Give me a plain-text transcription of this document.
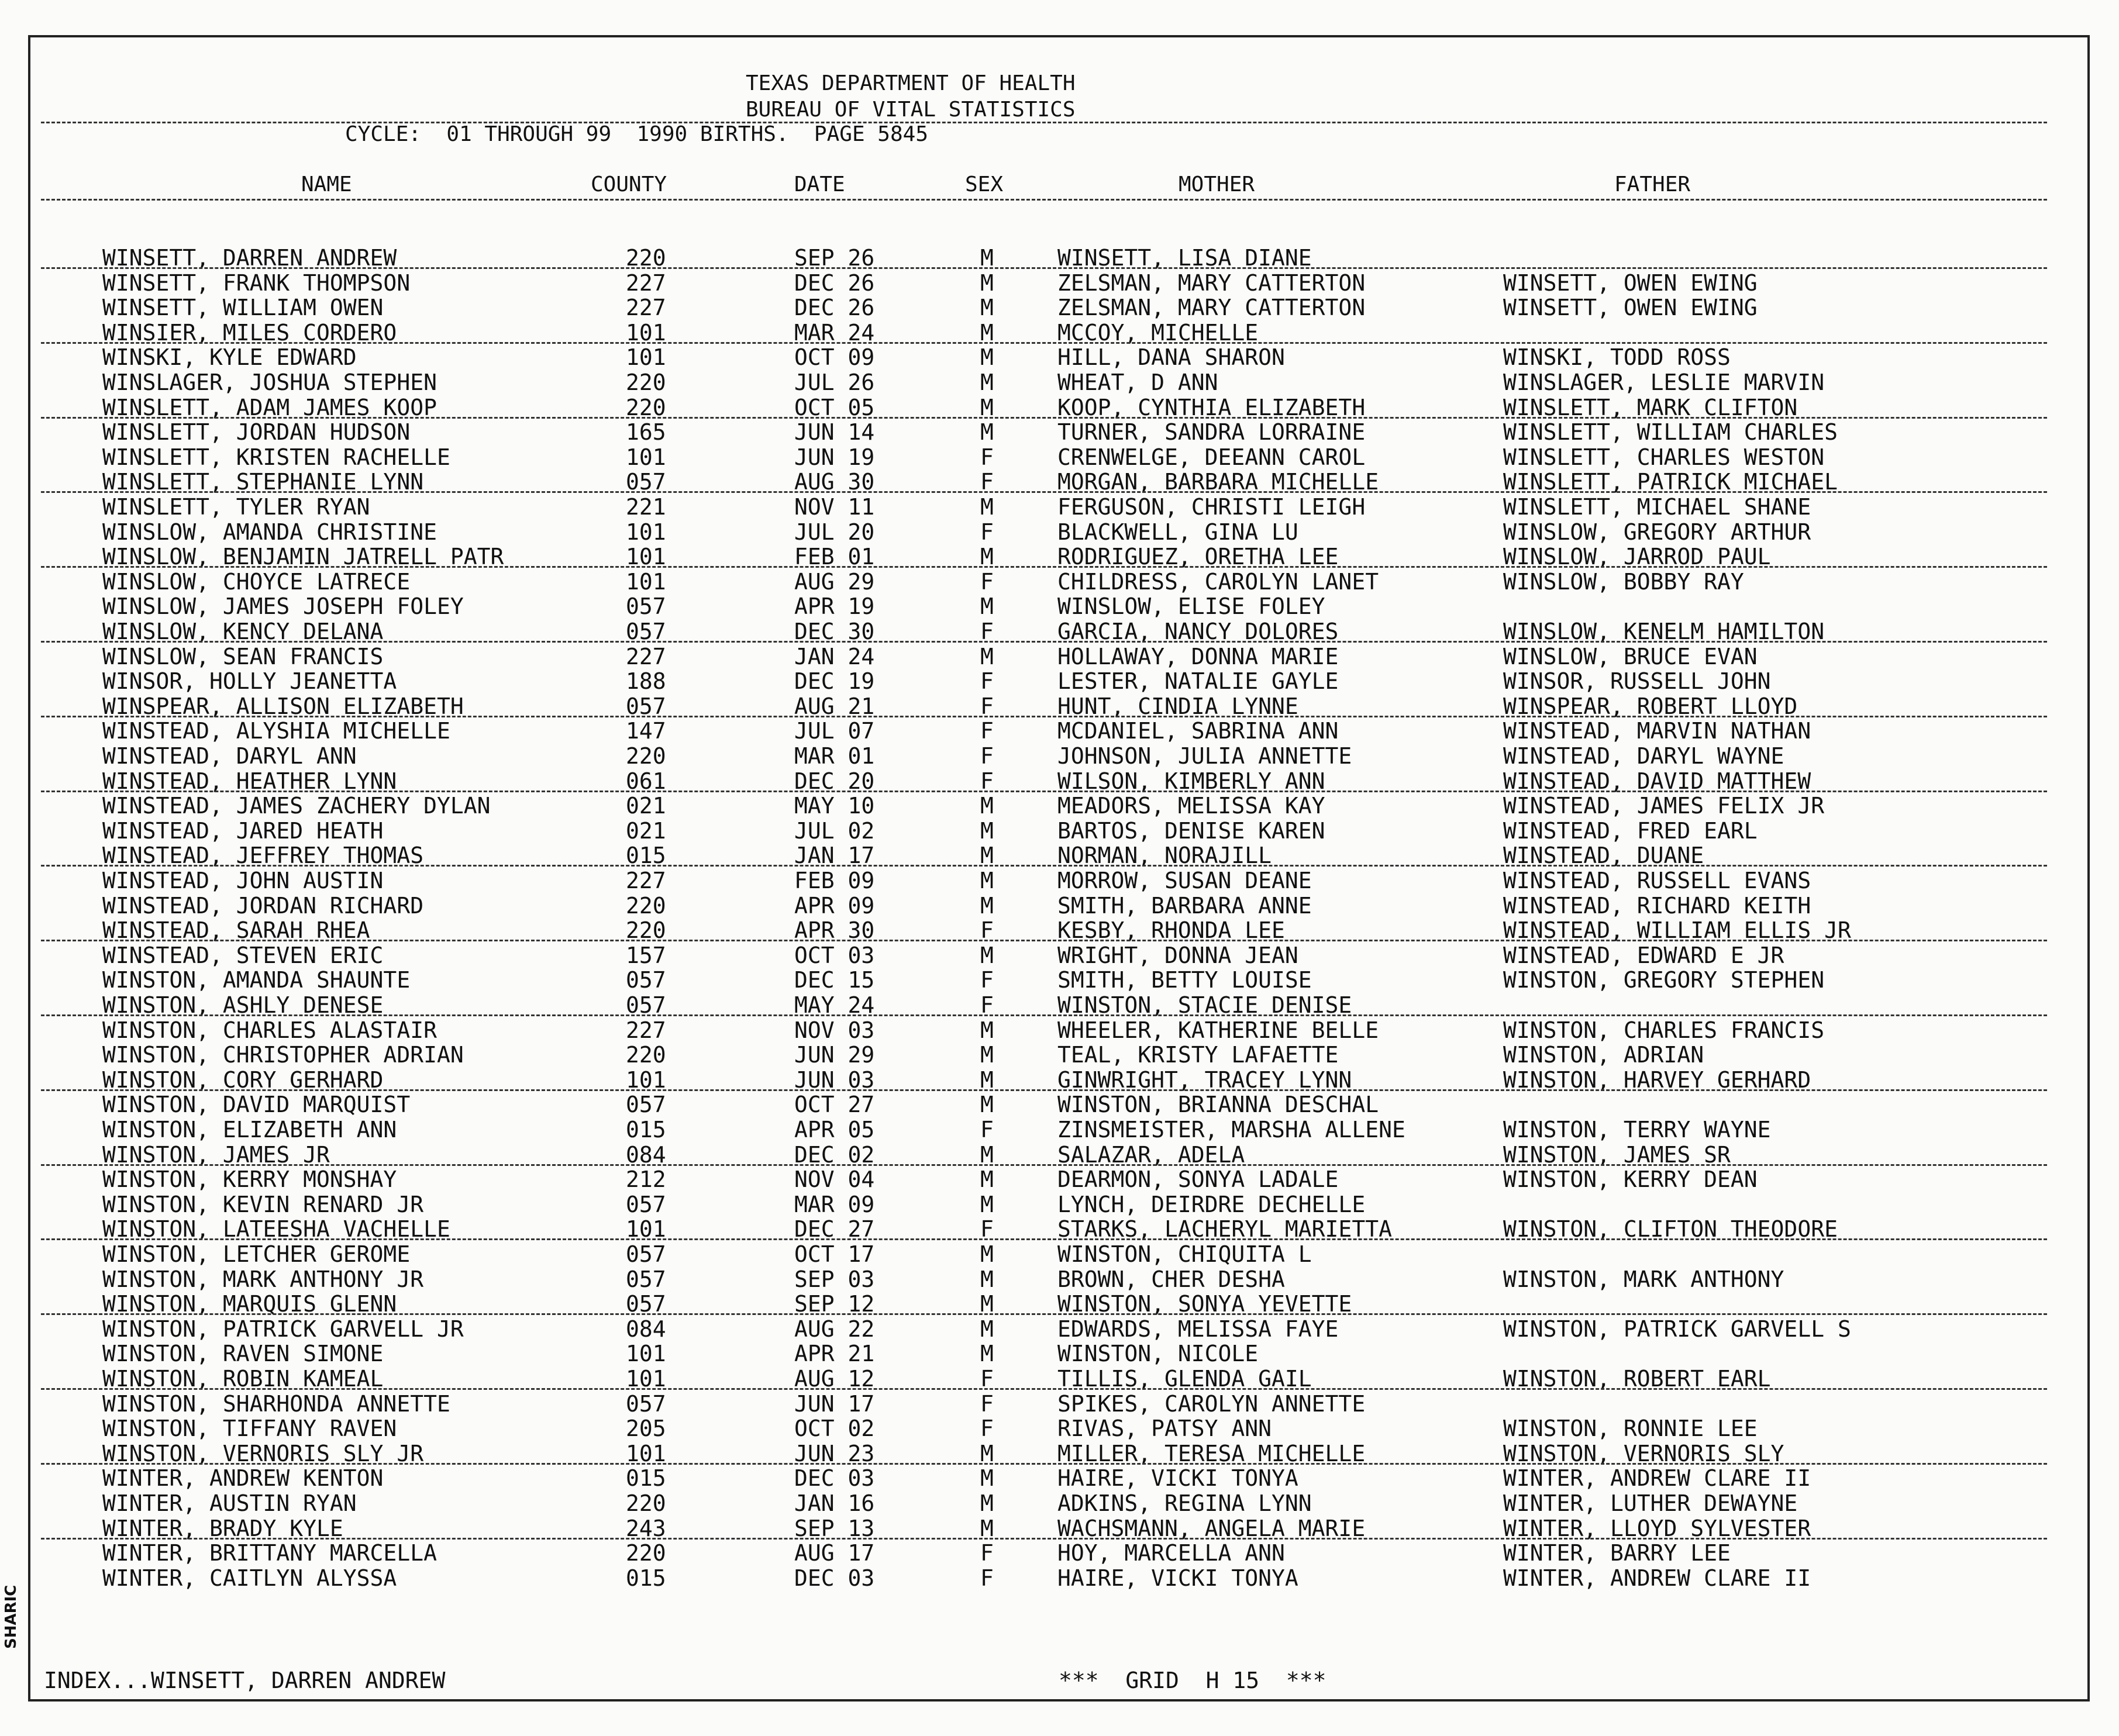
SHARIC
TEXAS DEPARTMENT OF HEALTH
BUREAU OF VITAL STATISTICS
CYCLE:  01 THROUGH 99  1990 BIRTHS.  PAGE 5845
NAME	COUNTY	DATE	SEX	MOTHER	FATHER
WINSETT, DARREN ANDREW	220	SEP 26	M	WINSETT, LISA DIANE
WINSETT, FRANK THOMPSON	227	DEC 26	M	ZELSMAN, MARY CATTERTON	WINSETT, OWEN EWING
WINSETT, WILLIAM OWEN	227	DEC 26	M	ZELSMAN, MARY CATTERTON	WINSETT, OWEN EWING
WINSIER, MILES CORDERO	101	MAR 24	M	MCCOY, MICHELLE
WINSKI, KYLE EDWARD	101	OCT 09	M	HILL, DANA SHARON	WINSKI, TODD ROSS
WINSLAGER, JOSHUA STEPHEN	220	JUL 26	M	WHEAT, D ANN	WINSLAGER, LESLIE MARVIN
WINSLETT, ADAM JAMES KOOP	220	OCT 05	M	KOOP, CYNTHIA ELIZABETH	WINSLETT, MARK CLIFTON
WINSLETT, JORDAN HUDSON	165	JUN 14	M	TURNER, SANDRA LORRAINE	WINSLETT, WILLIAM CHARLES
WINSLETT, KRISTEN RACHELLE	101	JUN 19	F	CRENWELGE, DEEANN CAROL	WINSLETT, CHARLES WESTON
WINSLETT, STEPHANIE LYNN	057	AUG 30	F	MORGAN, BARBARA MICHELLE	WINSLETT, PATRICK MICHAEL
WINSLETT, TYLER RYAN	221	NOV 11	M	FERGUSON, CHRISTI LEIGH	WINSLETT, MICHAEL SHANE
WINSLOW, AMANDA CHRISTINE	101	JUL 20	F	BLACKWELL, GINA LU	WINSLOW, GREGORY ARTHUR
WINSLOW, BENJAMIN JATRELL PATR	101	FEB 01	M	RODRIGUEZ, ORETHA LEE	WINSLOW, JARROD PAUL
WINSLOW, CHOYCE LATRECE	101	AUG 29	F	CHILDRESS, CAROLYN LANET	WINSLOW, BOBBY RAY
WINSLOW, JAMES JOSEPH FOLEY	057	APR 19	M	WINSLOW, ELISE FOLEY
WINSLOW, KENCY DELANA	057	DEC 30	F	GARCIA, NANCY DOLORES	WINSLOW, KENELM HAMILTON
WINSLOW, SEAN FRANCIS	227	JAN 24	M	HOLLAWAY, DONNA MARIE	WINSLOW, BRUCE EVAN
WINSOR, HOLLY JEANETTA	188	DEC 19	F	LESTER, NATALIE GAYLE	WINSOR, RUSSELL JOHN
WINSPEAR, ALLISON ELIZABETH	057	AUG 21	F	HUNT, CINDIA LYNNE	WINSPEAR, ROBERT LLOYD
WINSTEAD, ALYSHIA MICHELLE	147	JUL 07	F	MCDANIEL, SABRINA ANN	WINSTEAD, MARVIN NATHAN
WINSTEAD, DARYL ANN	220	MAR 01	F	JOHNSON, JULIA ANNETTE	WINSTEAD, DARYL WAYNE
WINSTEAD, HEATHER LYNN	061	DEC 20	F	WILSON, KIMBERLY ANN	WINSTEAD, DAVID MATTHEW
WINSTEAD, JAMES ZACHERY DYLAN	021	MAY 10	M	MEADORS, MELISSA KAY	WINSTEAD, JAMES FELIX JR
WINSTEAD, JARED HEATH	021	JUL 02	M	BARTOS, DENISE KAREN	WINSTEAD, FRED EARL
WINSTEAD, JEFFREY THOMAS	015	JAN 17	M	NORMAN, NORAJILL	WINSTEAD, DUANE
WINSTEAD, JOHN AUSTIN	227	FEB 09	M	MORROW, SUSAN DEANE	WINSTEAD, RUSSELL EVANS
WINSTEAD, JORDAN RICHARD	220	APR 09	M	SMITH, BARBARA ANNE	WINSTEAD, RICHARD KEITH
WINSTEAD, SARAH RHEA	220	APR 30	F	KESBY, RHONDA LEE	WINSTEAD, WILLIAM ELLIS JR
WINSTEAD, STEVEN ERIC	157	OCT 03	M	WRIGHT, DONNA JEAN	WINSTEAD, EDWARD E JR
WINSTON, AMANDA SHAUNTE	057	DEC 15	F	SMITH, BETTY LOUISE	WINSTON, GREGORY STEPHEN
WINSTON, ASHLY DENESE	057	MAY 24	F	WINSTON, STACIE DENISE
WINSTON, CHARLES ALASTAIR	227	NOV 03	M	WHEELER, KATHERINE BELLE	WINSTON, CHARLES FRANCIS
WINSTON, CHRISTOPHER ADRIAN	220	JUN 29	M	TEAL, KRISTY LAFAETTE	WINSTON, ADRIAN
WINSTON, CORY GERHARD	101	JUN 03	M	GINWRIGHT, TRACEY LYNN	WINSTON, HARVEY GERHARD
WINSTON, DAVID MARQUIST	057	OCT 27	M	WINSTON, BRIANNA DESCHAL
WINSTON, ELIZABETH ANN	015	APR 05	F	ZINSMEISTER, MARSHA ALLENE	WINSTON, TERRY WAYNE
WINSTON, JAMES JR	084	DEC 02	M	SALAZAR, ADELA	WINSTON, JAMES SR
WINSTON, KERRY MONSHAY	212	NOV 04	M	DEARMON, SONYA LADALE	WINSTON, KERRY DEAN
WINSTON, KEVIN RENARD JR	057	MAR 09	M	LYNCH, DEIRDRE DECHELLE
WINSTON, LATEESHA VACHELLE	101	DEC 27	F	STARKS, LACHERYL MARIETTA	WINSTON, CLIFTON THEODORE
WINSTON, LETCHER GEROME	057	OCT 17	M	WINSTON, CHIQUITA L
WINSTON, MARK ANTHONY JR	057	SEP 03	M	BROWN, CHER DESHA	WINSTON, MARK ANTHONY
WINSTON, MARQUIS GLENN	057	SEP 12	M	WINSTON, SONYA YEVETTE
WINSTON, PATRICK GARVELL JR	084	AUG 22	M	EDWARDS, MELISSA FAYE	WINSTON, PATRICK GARVELL S
WINSTON, RAVEN SIMONE	101	APR 21	M	WINSTON, NICOLE
WINSTON, ROBIN KAMEAL	101	AUG 12	F	TILLIS, GLENDA GAIL	WINSTON, ROBERT EARL
WINSTON, SHARHONDA ANNETTE	057	JUN 17	F	SPIKES, CAROLYN ANNETTE
WINSTON, TIFFANY RAVEN	205	OCT 02	F	RIVAS, PATSY ANN	WINSTON, RONNIE LEE
WINSTON, VERNORIS SLY JR	101	JUN 23	M	MILLER, TERESA MICHELLE	WINSTON, VERNORIS SLY
WINTER, ANDREW KENTON	015	DEC 03	M	HAIRE, VICKI TONYA	WINTER, ANDREW CLARE II
WINTER, AUSTIN RYAN	220	JAN 16	M	ADKINS, REGINA LYNN	WINTER, LUTHER DEWAYNE
WINTER, BRADY KYLE	243	SEP 13	M	WACHSMANN, ANGELA MARIE	WINTER, LLOYD SYLVESTER
WINTER, BRITTANY MARCELLA	220	AUG 17	F	HOY, MARCELLA ANN	WINTER, BARRY LEE
WINTER, CAITLYN ALYSSA	015	DEC 03	F	HAIRE, VICKI TONYA	WINTER, ANDREW CLARE II
INDEX...WINSETT, DARREN ANDREW	***  GRID  H 15  ***
